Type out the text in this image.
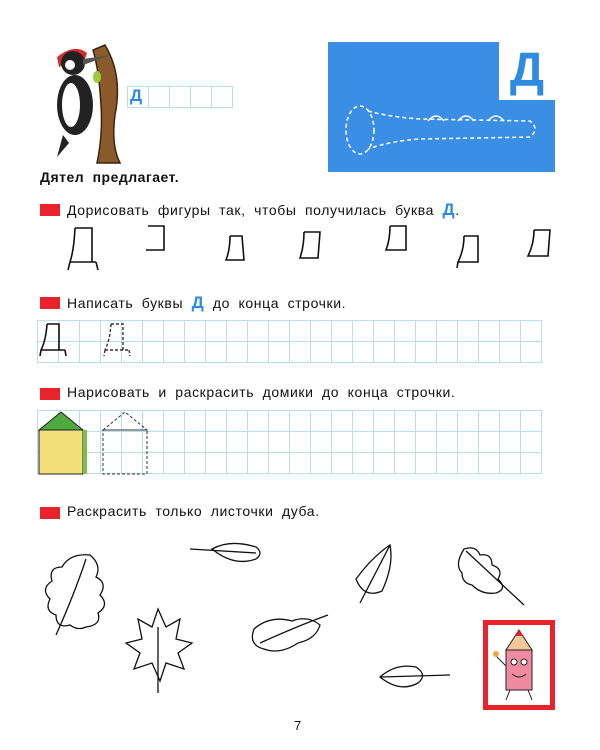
Д	Д
Дятел предлагает.
Дорисовать фигуры так, чтобы получилась буква Д.
Написать буквы Д до конца строчки.
Нарисовать и раскрасить домики до конца строчки.
Раскрасить только листочки дуба.
7
